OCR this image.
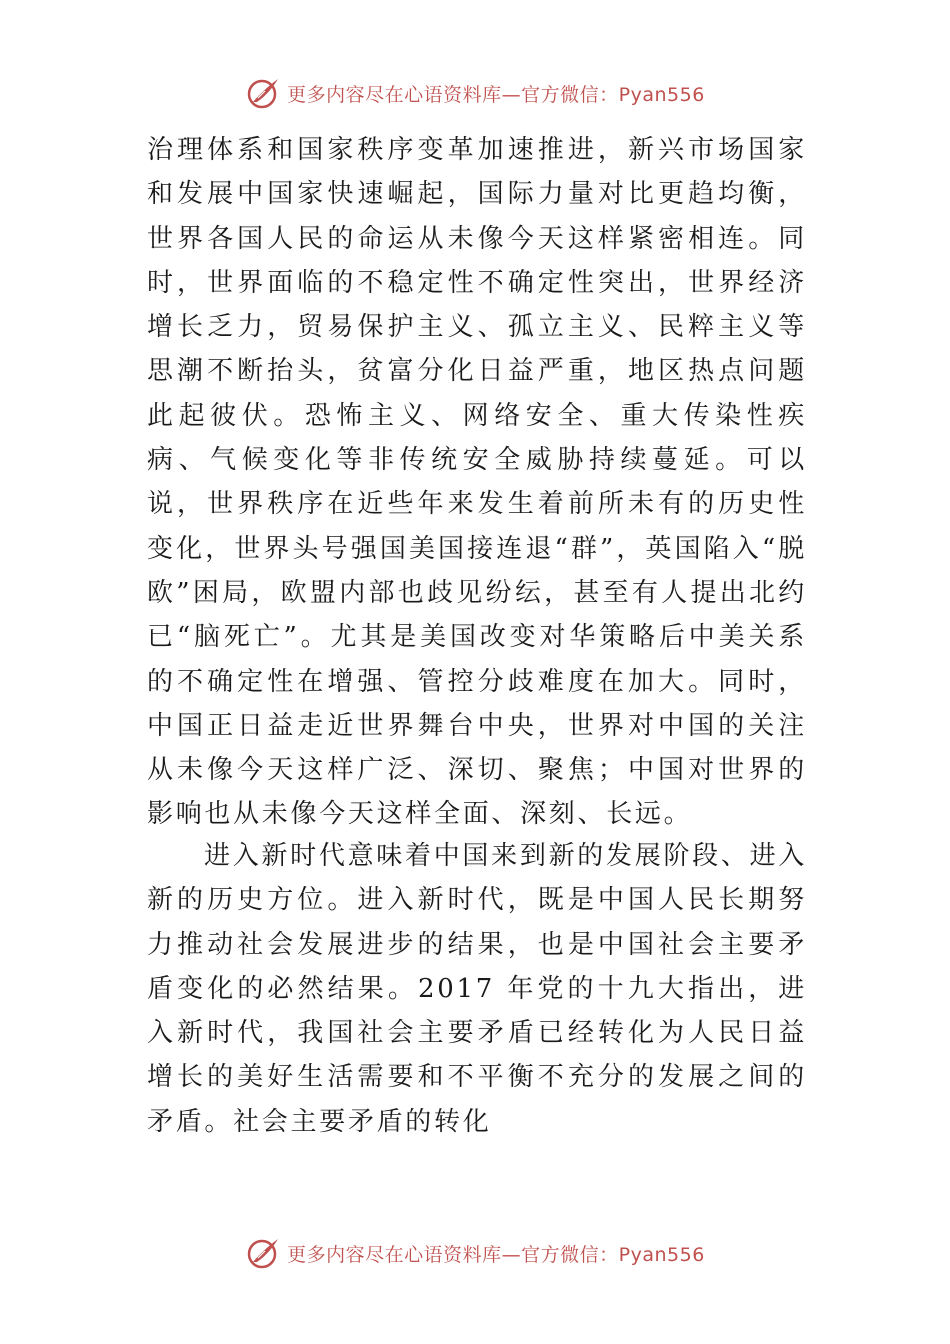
更多内容尽在心语资料库—官方微信：Pyan556

治理体系和国家秩序变革加速推进，新兴市场国家和发展中国家快速崛起，国际力量对比更趋均衡，世界各国人民的命运从未像今天这样紧密相连。同时，世界面临的不稳定性不确定性突出，世界经济增长乏力，贸易保护主义、孤立主义、民粹主义等思潮不断抬头，贫富分化日益严重，地区热点问题此起彼伏。恐怖主义、网络安全、重大传染性疾病、气候变化等非传统安全威胁持续蔓延。可以说，世界秩序在近些年来发生着前所未有的历史性变化，世界头号强国美国接连退“群”，英国陷入“脱欧”困局，欧盟内部也歧见纷纭，甚至有人提出北约已“脑死亡”。尤其是美国改变对华策略后中美关系的不确定性在增强、管控分歧难度在加大。同时，中国正日益走近世界舞台中央，世界对中国的关注从未像今天这样广泛、深切、聚焦；中国对世界的影响也从未像今天这样全面、深刻、长远。

进入新时代意味着中国来到新的发展阶段、进入新的历史方位。进入新时代，既是中国人民长期努力推动社会发展进步的结果，也是中国社会主要矛盾变化的必然结果。2017 年党的十九大指出，进入新时代，我国社会主要矛盾已经转化为人民日益增长的美好生活需要和不平衡不充分的发展之间的矛盾。社会主要矛盾的转化

更多内容尽在心语资料库—官方微信：Pyan556
